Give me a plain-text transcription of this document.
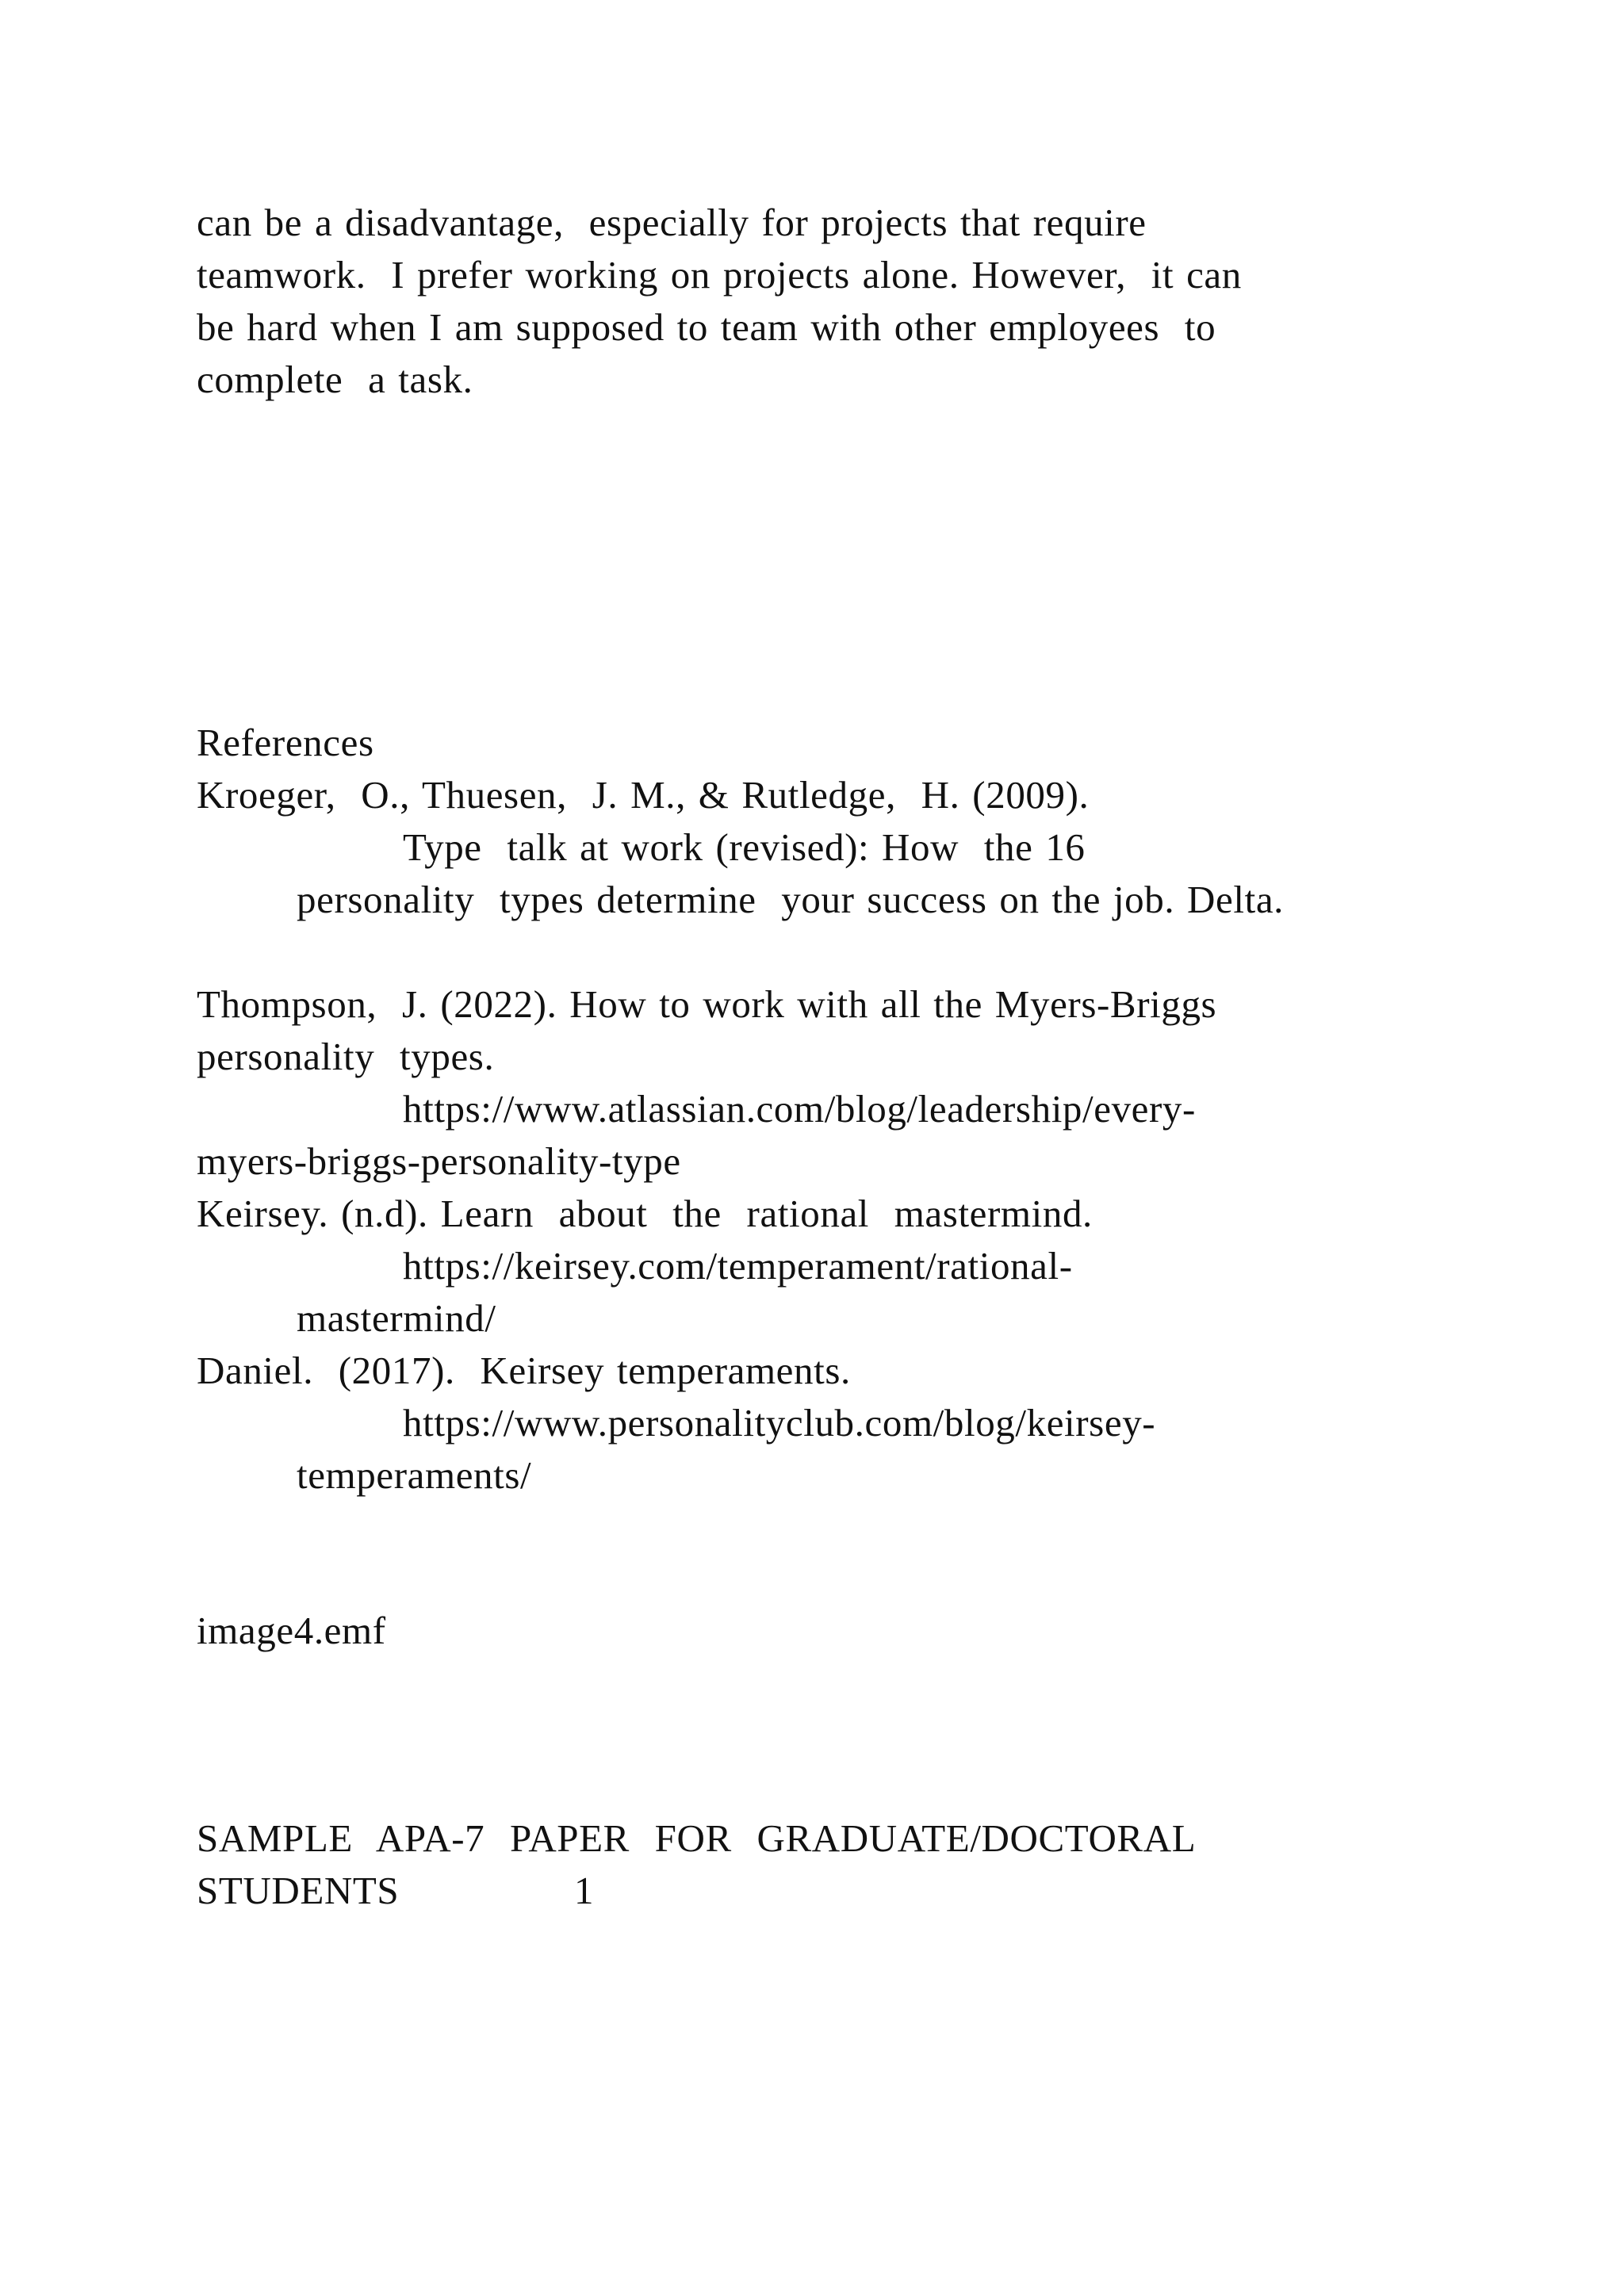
can be a disadvantage,  especially for projects that require
teamwork.  I prefer working on projects alone. However,  it can
be hard when I am supposed to team with other employees  to
complete  a task.
References
Kroeger,  O., Thuesen,  J. M., & Rutledge,  H. (2009).
Type  talk at work (revised): How  the 16
personality  types determine  your success on the job. Delta.
Thompson,  J. (2022). How to work with all the Myers-Briggs
personality  types.
https://www.atlassian.com/blog/leadership/every-
myers-briggs-personality-type
Keirsey. (n.d). Learn  about  the  rational  mastermind.
https://keirsey.com/temperament/rational-
mastermind/
Daniel.  (2017).  Keirsey temperaments.
https://www.personalityclub.com/blog/keirsey-
temperaments/
image4.emf
SAMPLE  APA-7  PAPER  FOR  GRADUATE/DOCTORAL
STUDENTS	1
